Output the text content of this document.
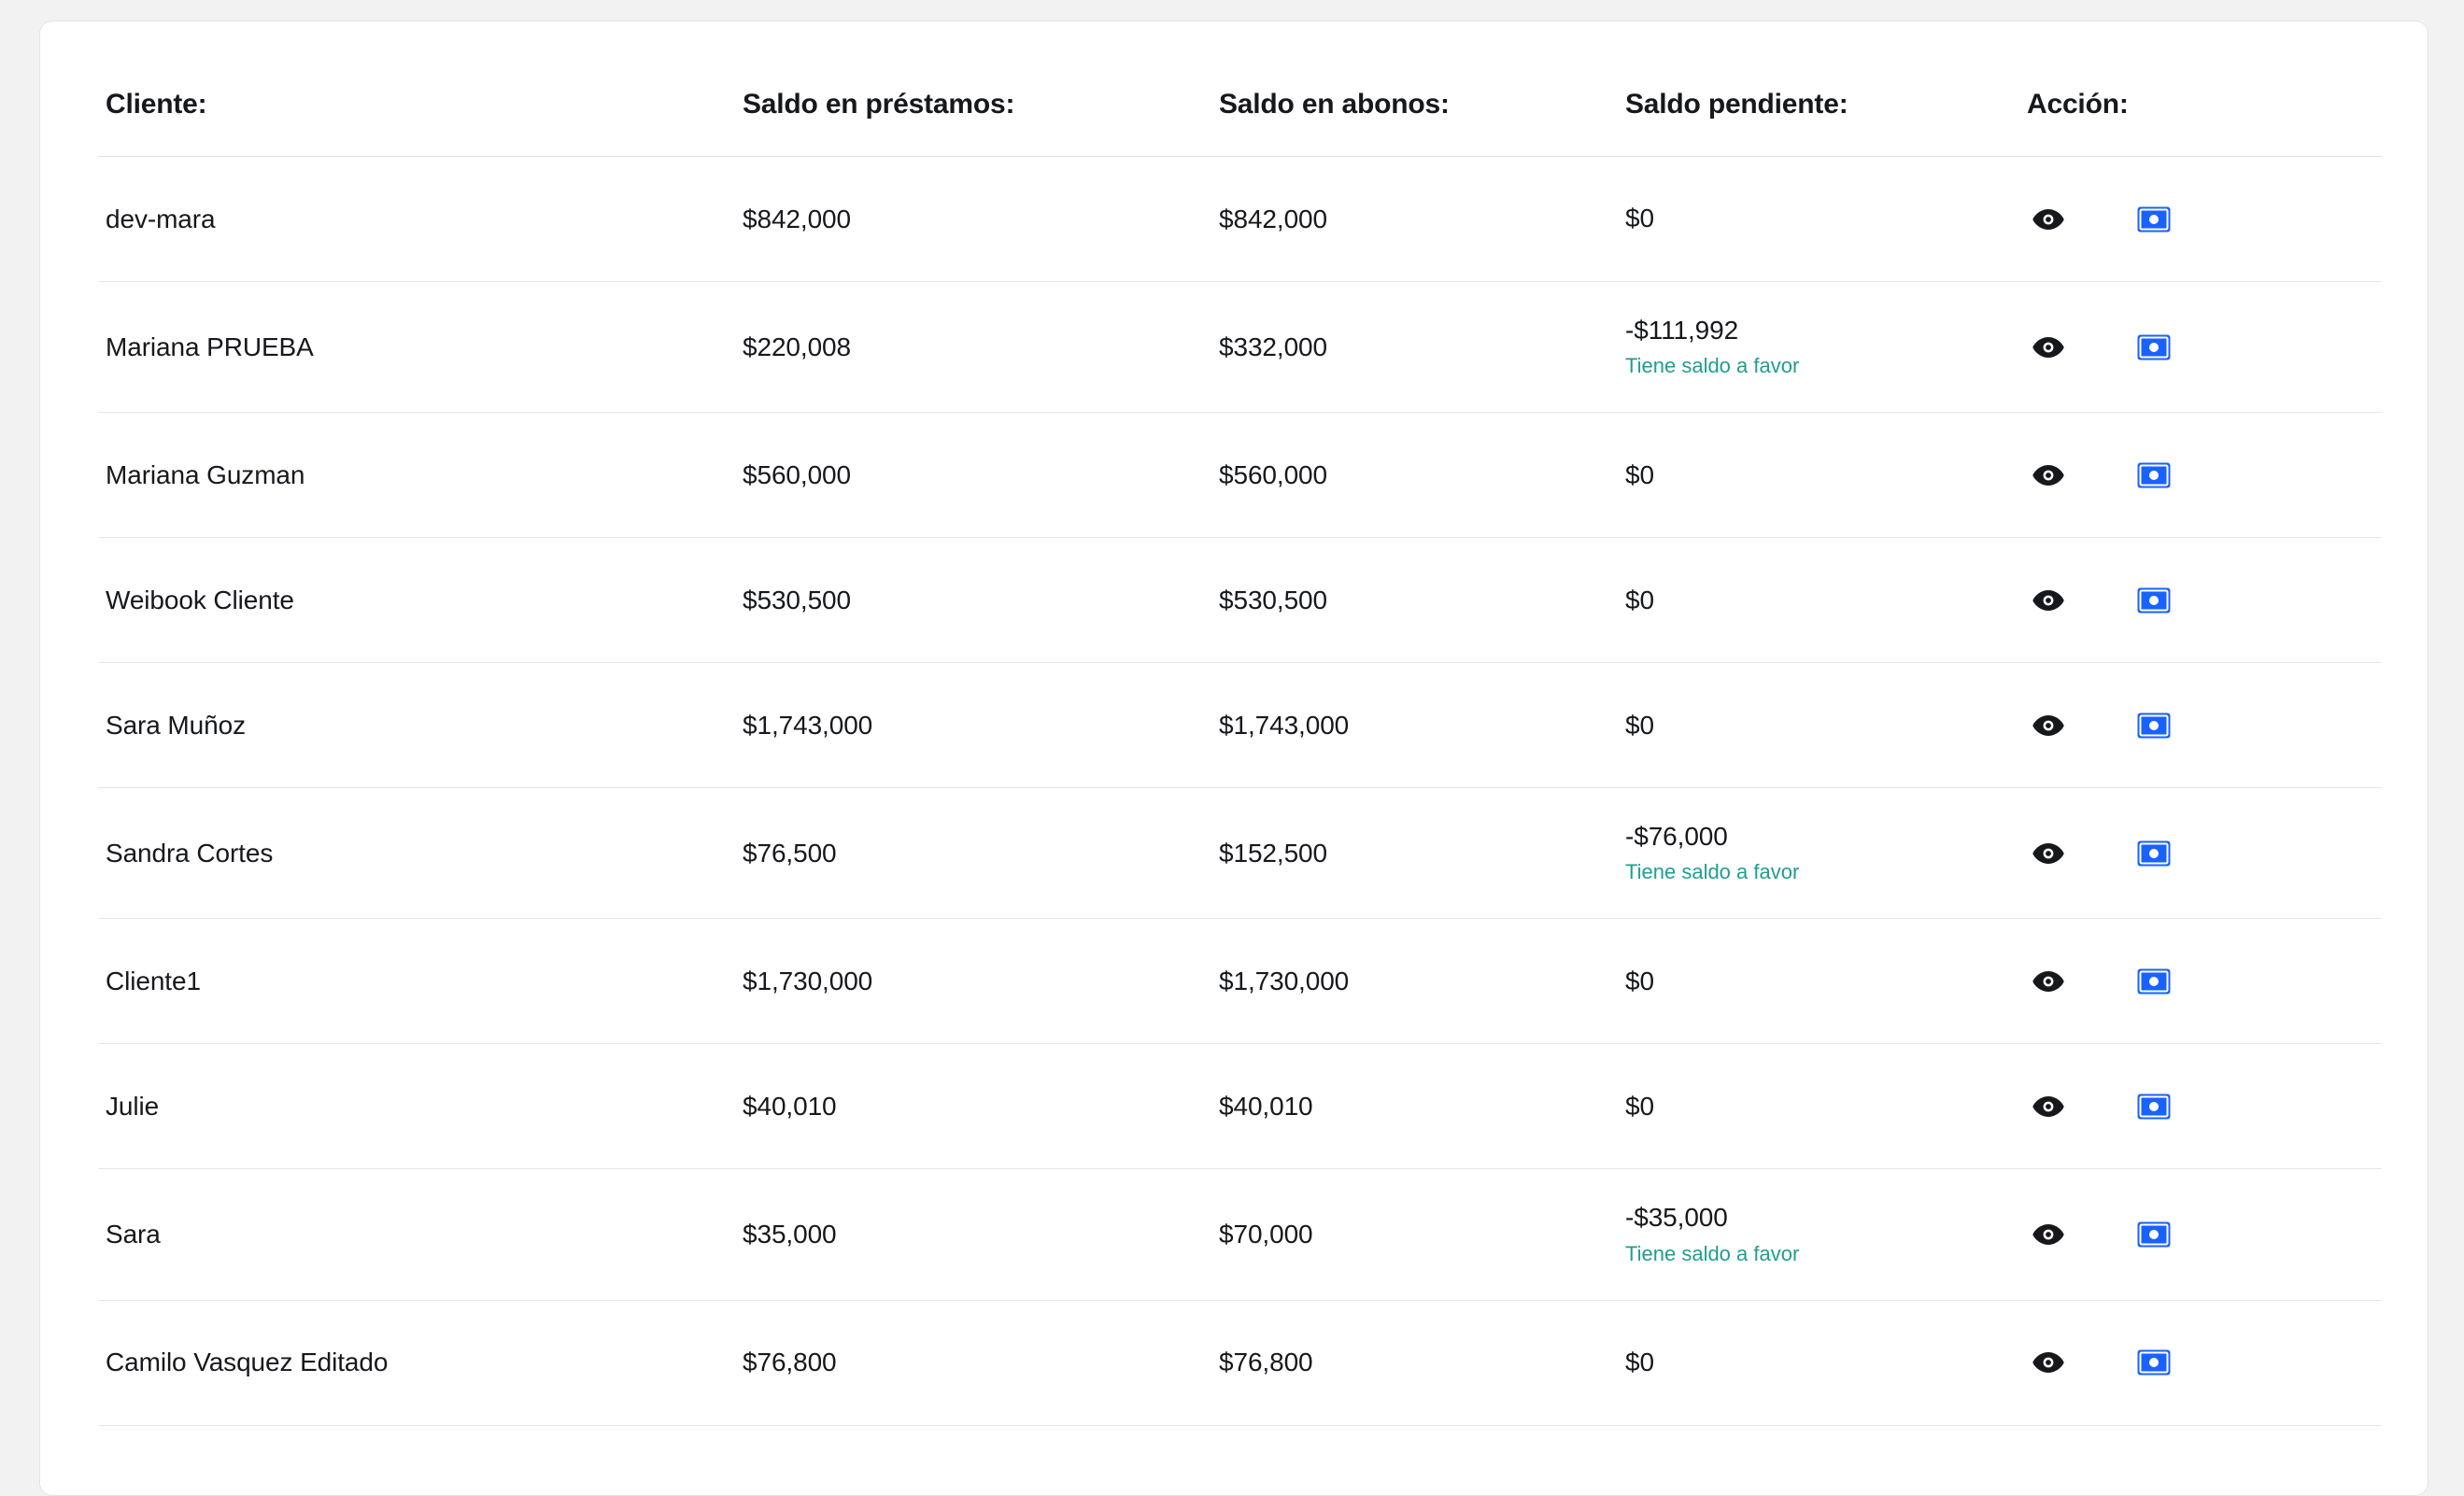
Cliente:	Saldo en préstamos:	Saldo en abonos:	Saldo pendiente:	Acción:
dev-mara	$842,000	$842,000	$0

Mariana PRUEBA	$220,008	$332,000	-$111,992
Tiene saldo a favor

Mariana Guzman	$560,000	$560,000	$0

Weibook Cliente	$530,500	$530,500	$0

Sara Muñoz	$1,743,000	$1,743,000	$0

Sandra Cortes	$76,500	$152,500	-$76,000
Tiene saldo a favor

Cliente1	$1,730,000	$1,730,000	$0

Julie	$40,010	$40,010	$0

Sara	$35,000	$70,000	-$35,000
Tiene saldo a favor

Camilo Vasquez Editado	$76,800	$76,800	$0
